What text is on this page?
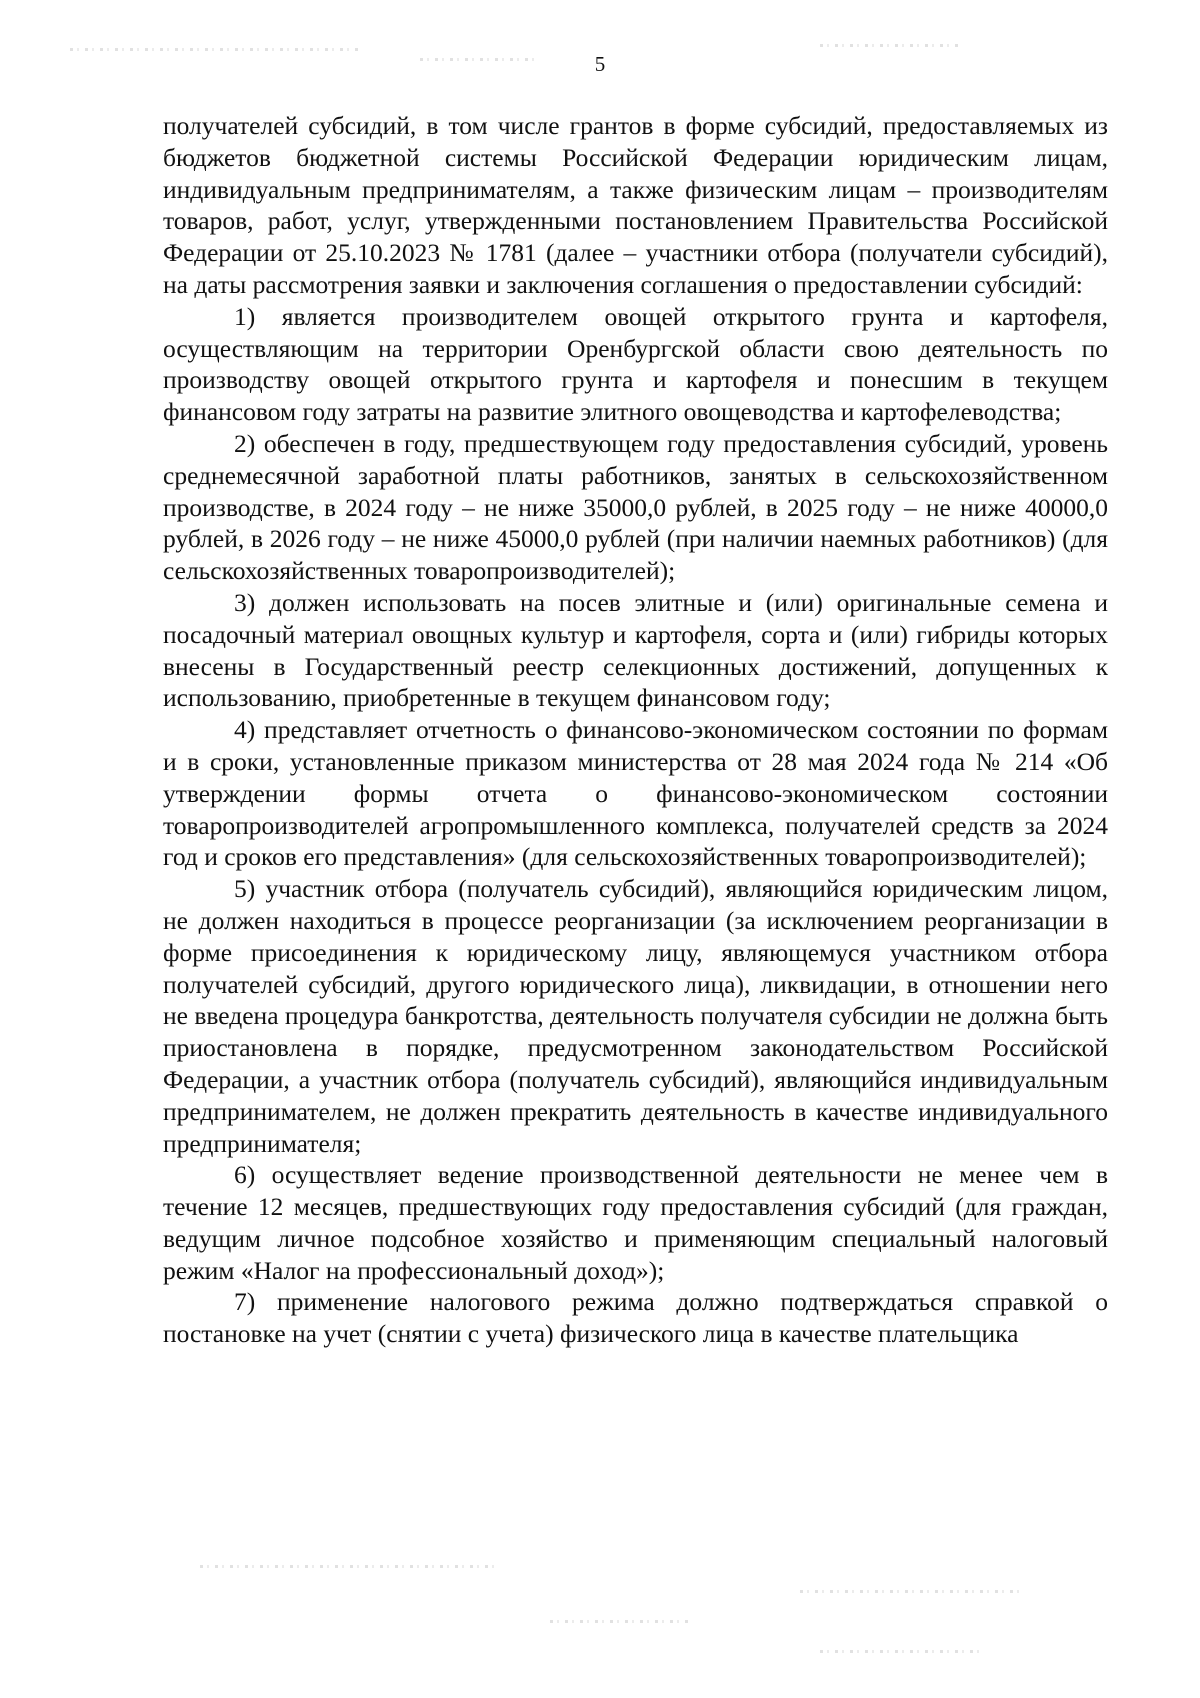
5

получателей субсидий, в том числе грантов в форме субсидий, предоставляемых из бюджетов бюджетной системы Российской Федерации юридическим лицам, индивидуальным предпринимателям, а также физическим лицам – производителям товаров, работ, услуг, утвержденными постановлением Правительства Российской Федерации от 25.10.2023 № 1781 (далее – участники отбора (получатели субсидий), на даты рассмотрения заявки и заключения соглашения о предоставлении субсидий:

1) является производителем овощей открытого грунта и картофеля, осуществляющим на территории Оренбургской области свою деятельность по производству овощей открытого грунта и картофеля и понесшим в текущем финансовом году затраты на развитие элитного овощеводства и картофелеводства;

2) обеспечен в году, предшествующем году предоставления субсидий, уровень среднемесячной заработной платы работников, занятых в сельскохозяйственном производстве, в 2024 году – не ниже 35000,0 рублей, в 2025 году – не ниже 40000,0 рублей, в 2026 году – не ниже 45000,0 рублей (при наличии наемных работников) (для сельскохозяйственных товаропроизводителей);

3) должен использовать на посев элитные и (или) оригинальные семена и посадочный материал овощных культур и картофеля, сорта и (или) гибриды которых внесены в Государственный реестр селекционных достижений, допущенных к использованию, приобретенные в текущем финансовом году;

4) представляет отчетность о финансово-экономическом состоянии по формам и в сроки, установленные приказом министерства от 28 мая 2024 года № 214 «Об утверждении формы отчета о финансово-экономическом состоянии товаропроизводителей агропромышленного комплекса, получателей средств за 2024 год и сроков его представления» (для сельскохозяйственных товаропроизводителей);

5) участник отбора (получатель субсидий), являющийся юридическим лицом, не должен находиться в процессе реорганизации (за исключением реорганизации в форме присоединения к юридическому лицу, являющемуся участником отбора получателей субсидий, другого юридического лица), ликвидации, в отношении него не введена процедура банкротства, деятельность получателя субсидии не должна быть приостановлена в порядке, предусмотренном законодательством Российской Федерации, а участник отбора (получатель субсидий), являющийся индивидуальным предпринимателем, не должен прекратить деятельность в качестве индивидуального предпринимателя;

6) осуществляет ведение производственной деятельности не менее чем в течение 12 месяцев, предшествующих году предоставления субсидий (для граждан, ведущим личное подсобное хозяйство и применяющим специальный налоговый режим «Налог на профессиональный доход»);

7) применение налогового режима должно подтверждаться справкой о постановке на учет (снятии с учета) физического лица в качестве плательщика
